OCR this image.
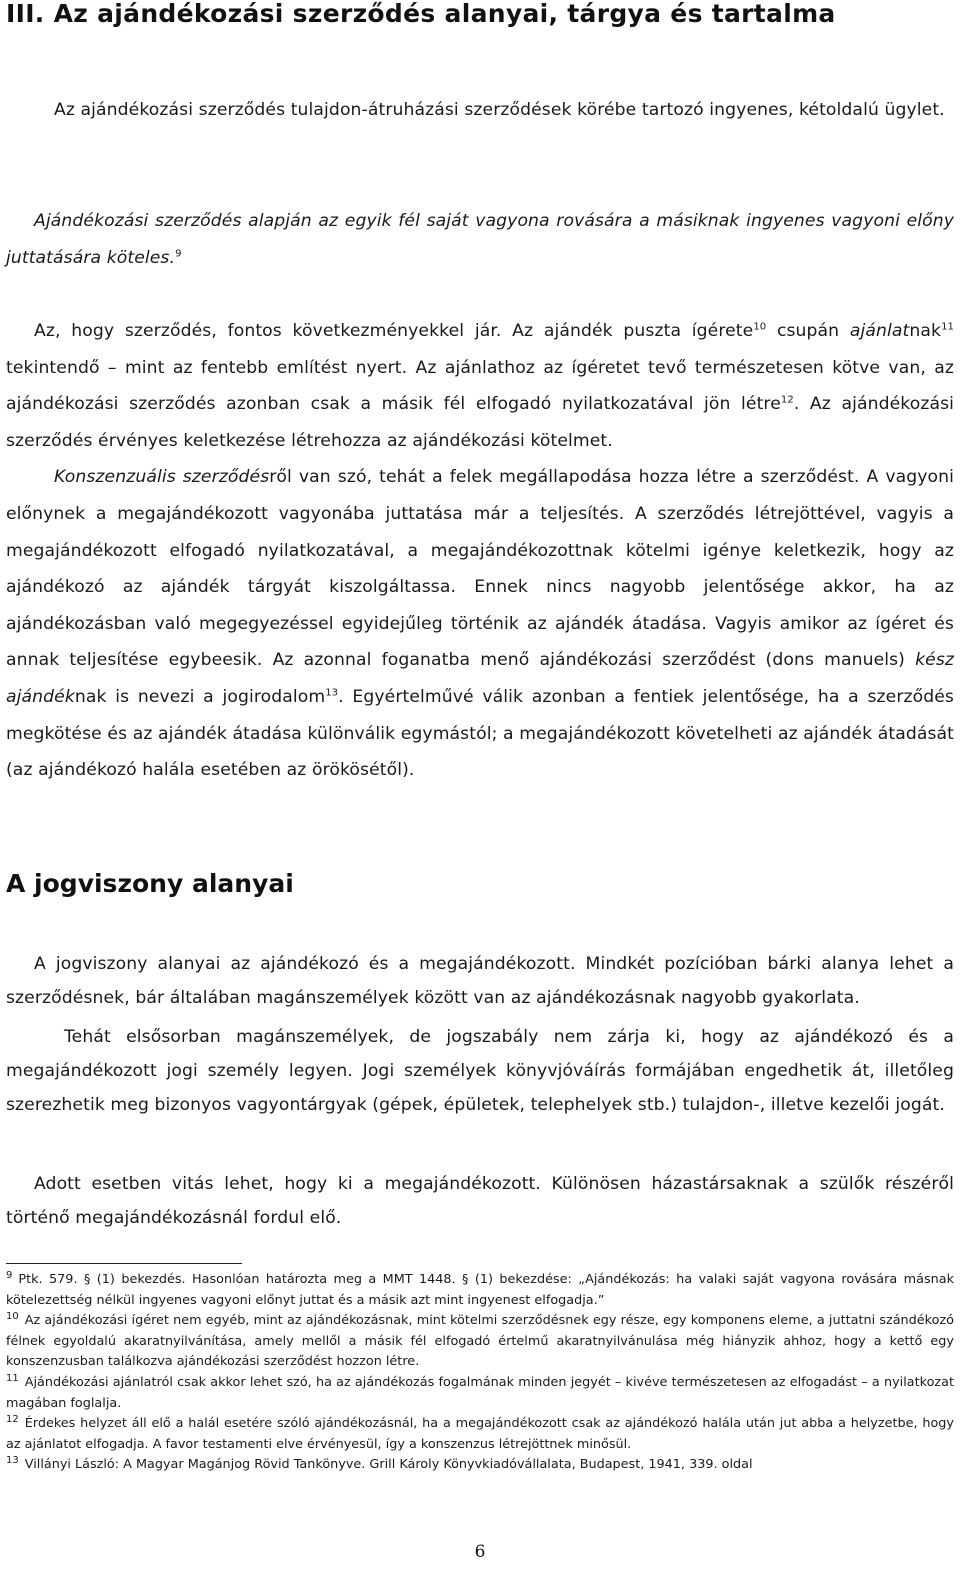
III. Az ajándékozási szerződés alanyai, tárgya és tartalma

Az ajándékozási szerződés tulajdon-átruházási szerződések körébe tartozó ingyenes, kétoldalú ügylet.

Ajándékozási szerződés alapján az egyik fél saját vagyona rovására a másiknak ingyenes vagyoni előny juttatására köteles.$^9$

Az, hogy szerződés, fontos következményekkel jár. Az ajándék puszta ígérete$^{10}$ csupán ajánlatnak$^{11}$ tekintendő – mint az fentebb említést nyert. Az ajánlathoz az ígéretet tevő természetesen kötve van, az ajándékozási szerződés azonban csak a másik fél elfogadó nyilatkozatával jön létre$^{12}$. Az ajándékozási szerződés érvényes keletkezése létrehozza az ajándékozási kötelmet.
Konszenzuális szerződésről van szó, tehát a felek megállapodása hozza létre a szerződést. A vagyoni előnynek a megajándékozott vagyonába juttatása már a teljesítés. A szerződés létrejöttével, vagyis a megajándékozott elfogadó nyilatkozatával, a megajándékozottnak kötelmi igénye keletkezik, hogy az ajándékozó az ajándék tárgyát kiszolgáltassa. Ennek nincs nagyobb jelentősége akkor, ha az ajándékozásban való megegyezéssel egyidejűleg történik az ajándék átadása. Vagyis amikor az ígéret és annak teljesítése egybeesik. Az azonnal foganatba menő ajándékozási szerződést (dons manuels) kész ajándéknak is nevezi a jogirodalom$^{13}$. Egyértelművé válik azonban a fentiek jelentősége, ha a szerződés megkötése és az ajándék átadása különválik egymástól; a megajándékozott követelheti az ajándék átadását (az ajándékozó halála esetében az örökösétől).

A jogviszony alanyai

A jogviszony alanyai az ajándékozó és a megajándékozott. Mindkét pozícióban bárki alanya lehet a szerződésnek, bár általában magánszemélyek között van az ajándékozásnak nagyobb gyakorlata.

Tehát elsősorban magánszemélyek, de jogszabály nem zárja ki, hogy az ajándékozó és a megajándékozott jogi személy legyen. Jogi személyek könyvjóváírás formájában engedhetik át, illetőleg szerezhetik meg bizonyos vagyontárgyak (gépek, épületek, telephelyek stb.) tulajdon-, illetve kezelői jogát.

Adott esetben vitás lehet, hogy ki a megajándékozott. Különösen házastársaknak a szülők részéről történő megajándékozásnál fordul elő.

$^9$ Ptk. 579. § (1) bekezdés. Hasonlóan határozta meg a MMT 1448. § (1) bekezdése: „Ajándékozás: ha valaki saját vagyona rovására másnak kötelezettség nélkül ingyenes vagyoni előnyt juttat és a másik azt mint ingyenest elfogadja.”

$^{10}$ Az ajándékozási ígéret nem egyéb, mint az ajándékozásnak, mint kötelmi szerződésnek egy része, egy komponens eleme, a juttatni szándékozó félnek egyoldalú akaratnyilvánítása, amely mellől a másik fél elfogadó értelmű akaratnyilvánulása még hiányzik ahhoz, hogy a kettő egy konszenzusban találkozva ajándékozási szerződést hozzon létre.

$^{11}$ Ajándékozási ajánlatról csak akkor lehet szó, ha az ajándékozás fogalmának minden jegyét – kivéve természetesen az elfogadást – a nyilatkozat magában foglalja.

$^{12}$ Érdekes helyzet áll elő a halál esetére szóló ajándékozásnál, ha a megajándékozott csak az ajándékozó halála után jut abba a helyzetbe, hogy az ajánlatot elfogadja. A favor testamenti elve érvényesül, így a konszenzus létrejöttnek minősül.

$^{13}$ Villányi László: A Magyar Magánjog Rövid Tankönyve. Grill Károly Könyvkiadóvállalata, Budapest, 1941, 339. oldal

6
